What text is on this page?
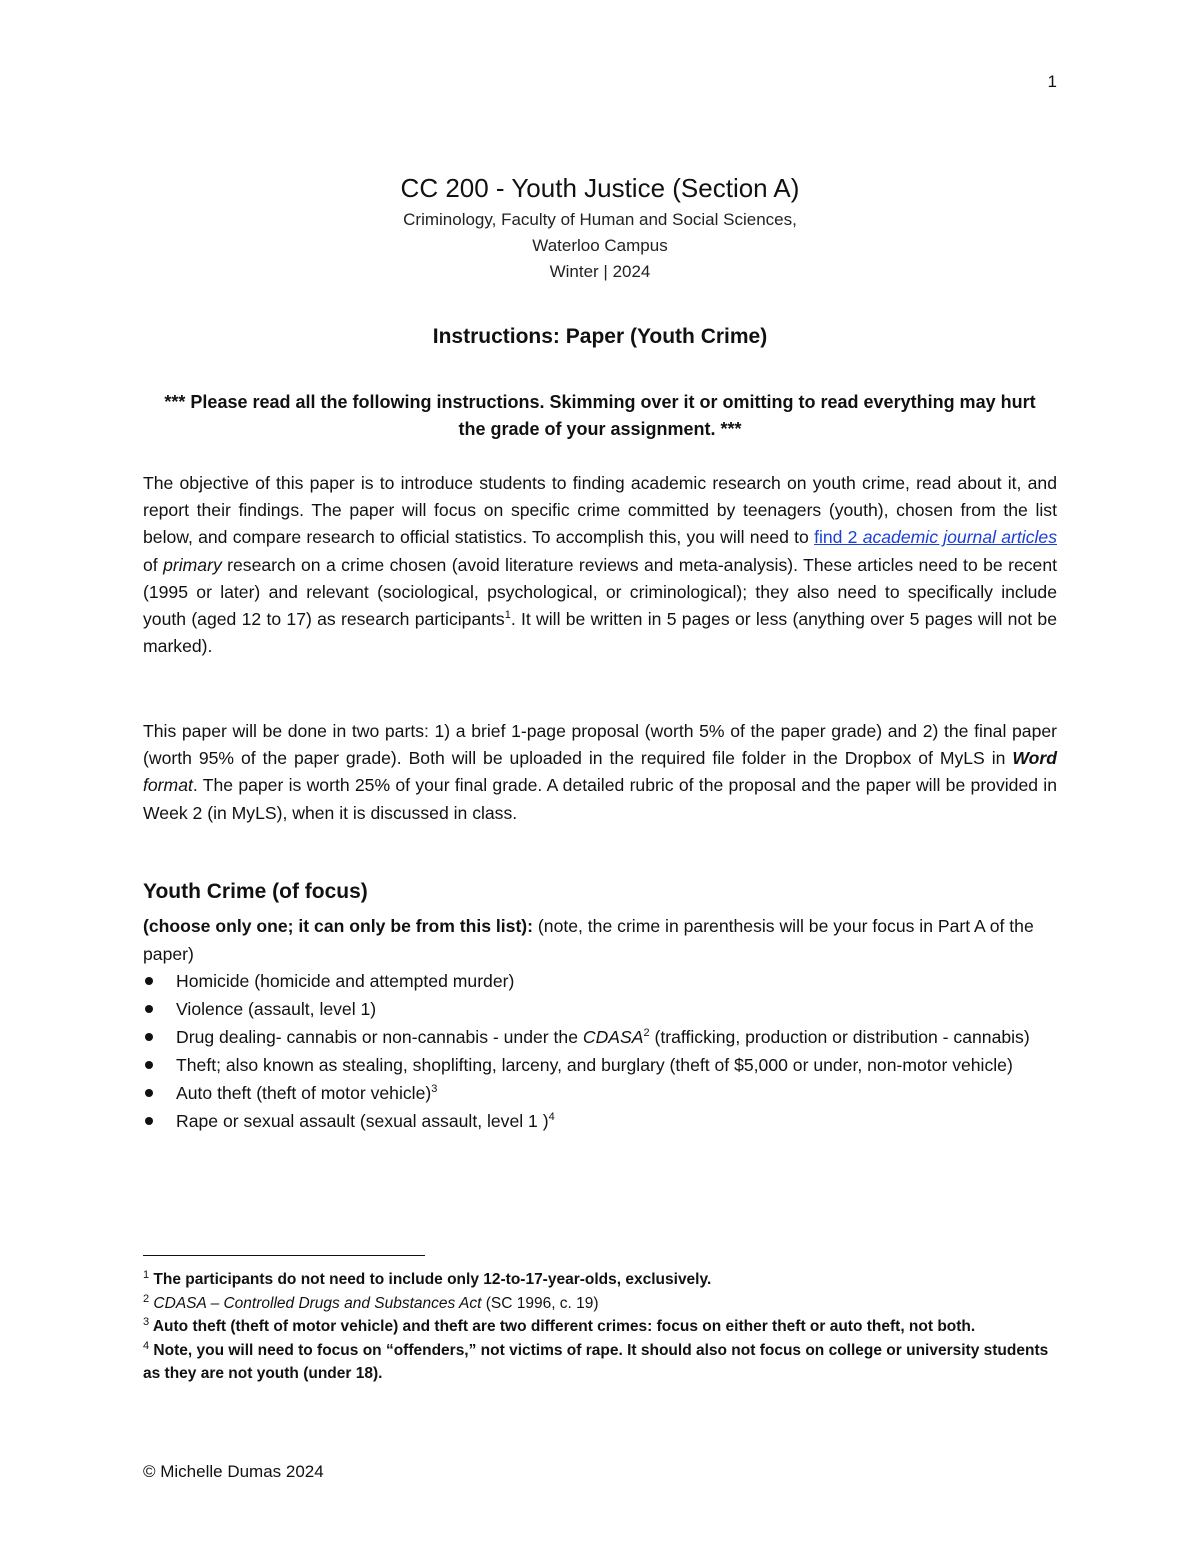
1
CC 200 - Youth Justice (Section A)
Criminology, Faculty of Human and Social Sciences,
Waterloo Campus
Winter | 2024
Instructions: Paper (Youth Crime)
*** Please read all the following instructions. Skimming over it or omitting to read everything may hurt the grade of your assignment. ***
The objective of this paper is to introduce students to finding academic research on youth crime, read about it, and report their findings. The paper will focus on specific crime committed by teenagers (youth), chosen from the list below, and compare research to official statistics. To accomplish this, you will need to find 2 academic journal articles of primary research on a crime chosen (avoid literature reviews and meta-analysis). These articles need to be recent (1995 or later) and relevant (sociological, psychological, or criminological); they also need to specifically include youth (aged 12 to 17) as research participants$^1$. It will be written in 5 pages or less (anything over 5 pages will not be marked).
This paper will be done in two parts: 1) a brief 1-page proposal (worth 5% of the paper grade) and 2) the final paper (worth 95% of the paper grade). Both will be uploaded in the required file folder in the Dropbox of MyLS in Word format. The paper is worth 25% of your final grade. A detailed rubric of the proposal and the paper will be provided in Week 2 (in MyLS), when it is discussed in class.
Youth Crime (of focus)
(choose only one; it can only be from this list): (note, the crime in parenthesis will be your focus in Part A of the paper)
Homicide (homicide and attempted murder)
Violence (assault, level 1)
Drug dealing- cannabis or non-cannabis - under the CDASA$^2$ (trafficking, production or distribution - cannabis)
Theft; also known as stealing, shoplifting, larceny, and burglary (theft of $5,000 or under, non-motor vehicle)
Auto theft (theft of motor vehicle)$^3$
Rape or sexual assault (sexual assault, level 1 )$^4$

$^1$ The participants do not need to include only 12-to-17-year-olds, exclusively.

$^2$ CDASA – Controlled Drugs and Substances Act (SC 1996, c. 19)

$^3$ Auto theft (theft of motor vehicle) and theft are two different crimes: focus on either theft or auto theft, not both.

$^4$ Note, you will need to focus on “offenders,” not victims of rape. It should also not focus on college or university students as they are not youth (under 18).

© Michelle Dumas 2024
